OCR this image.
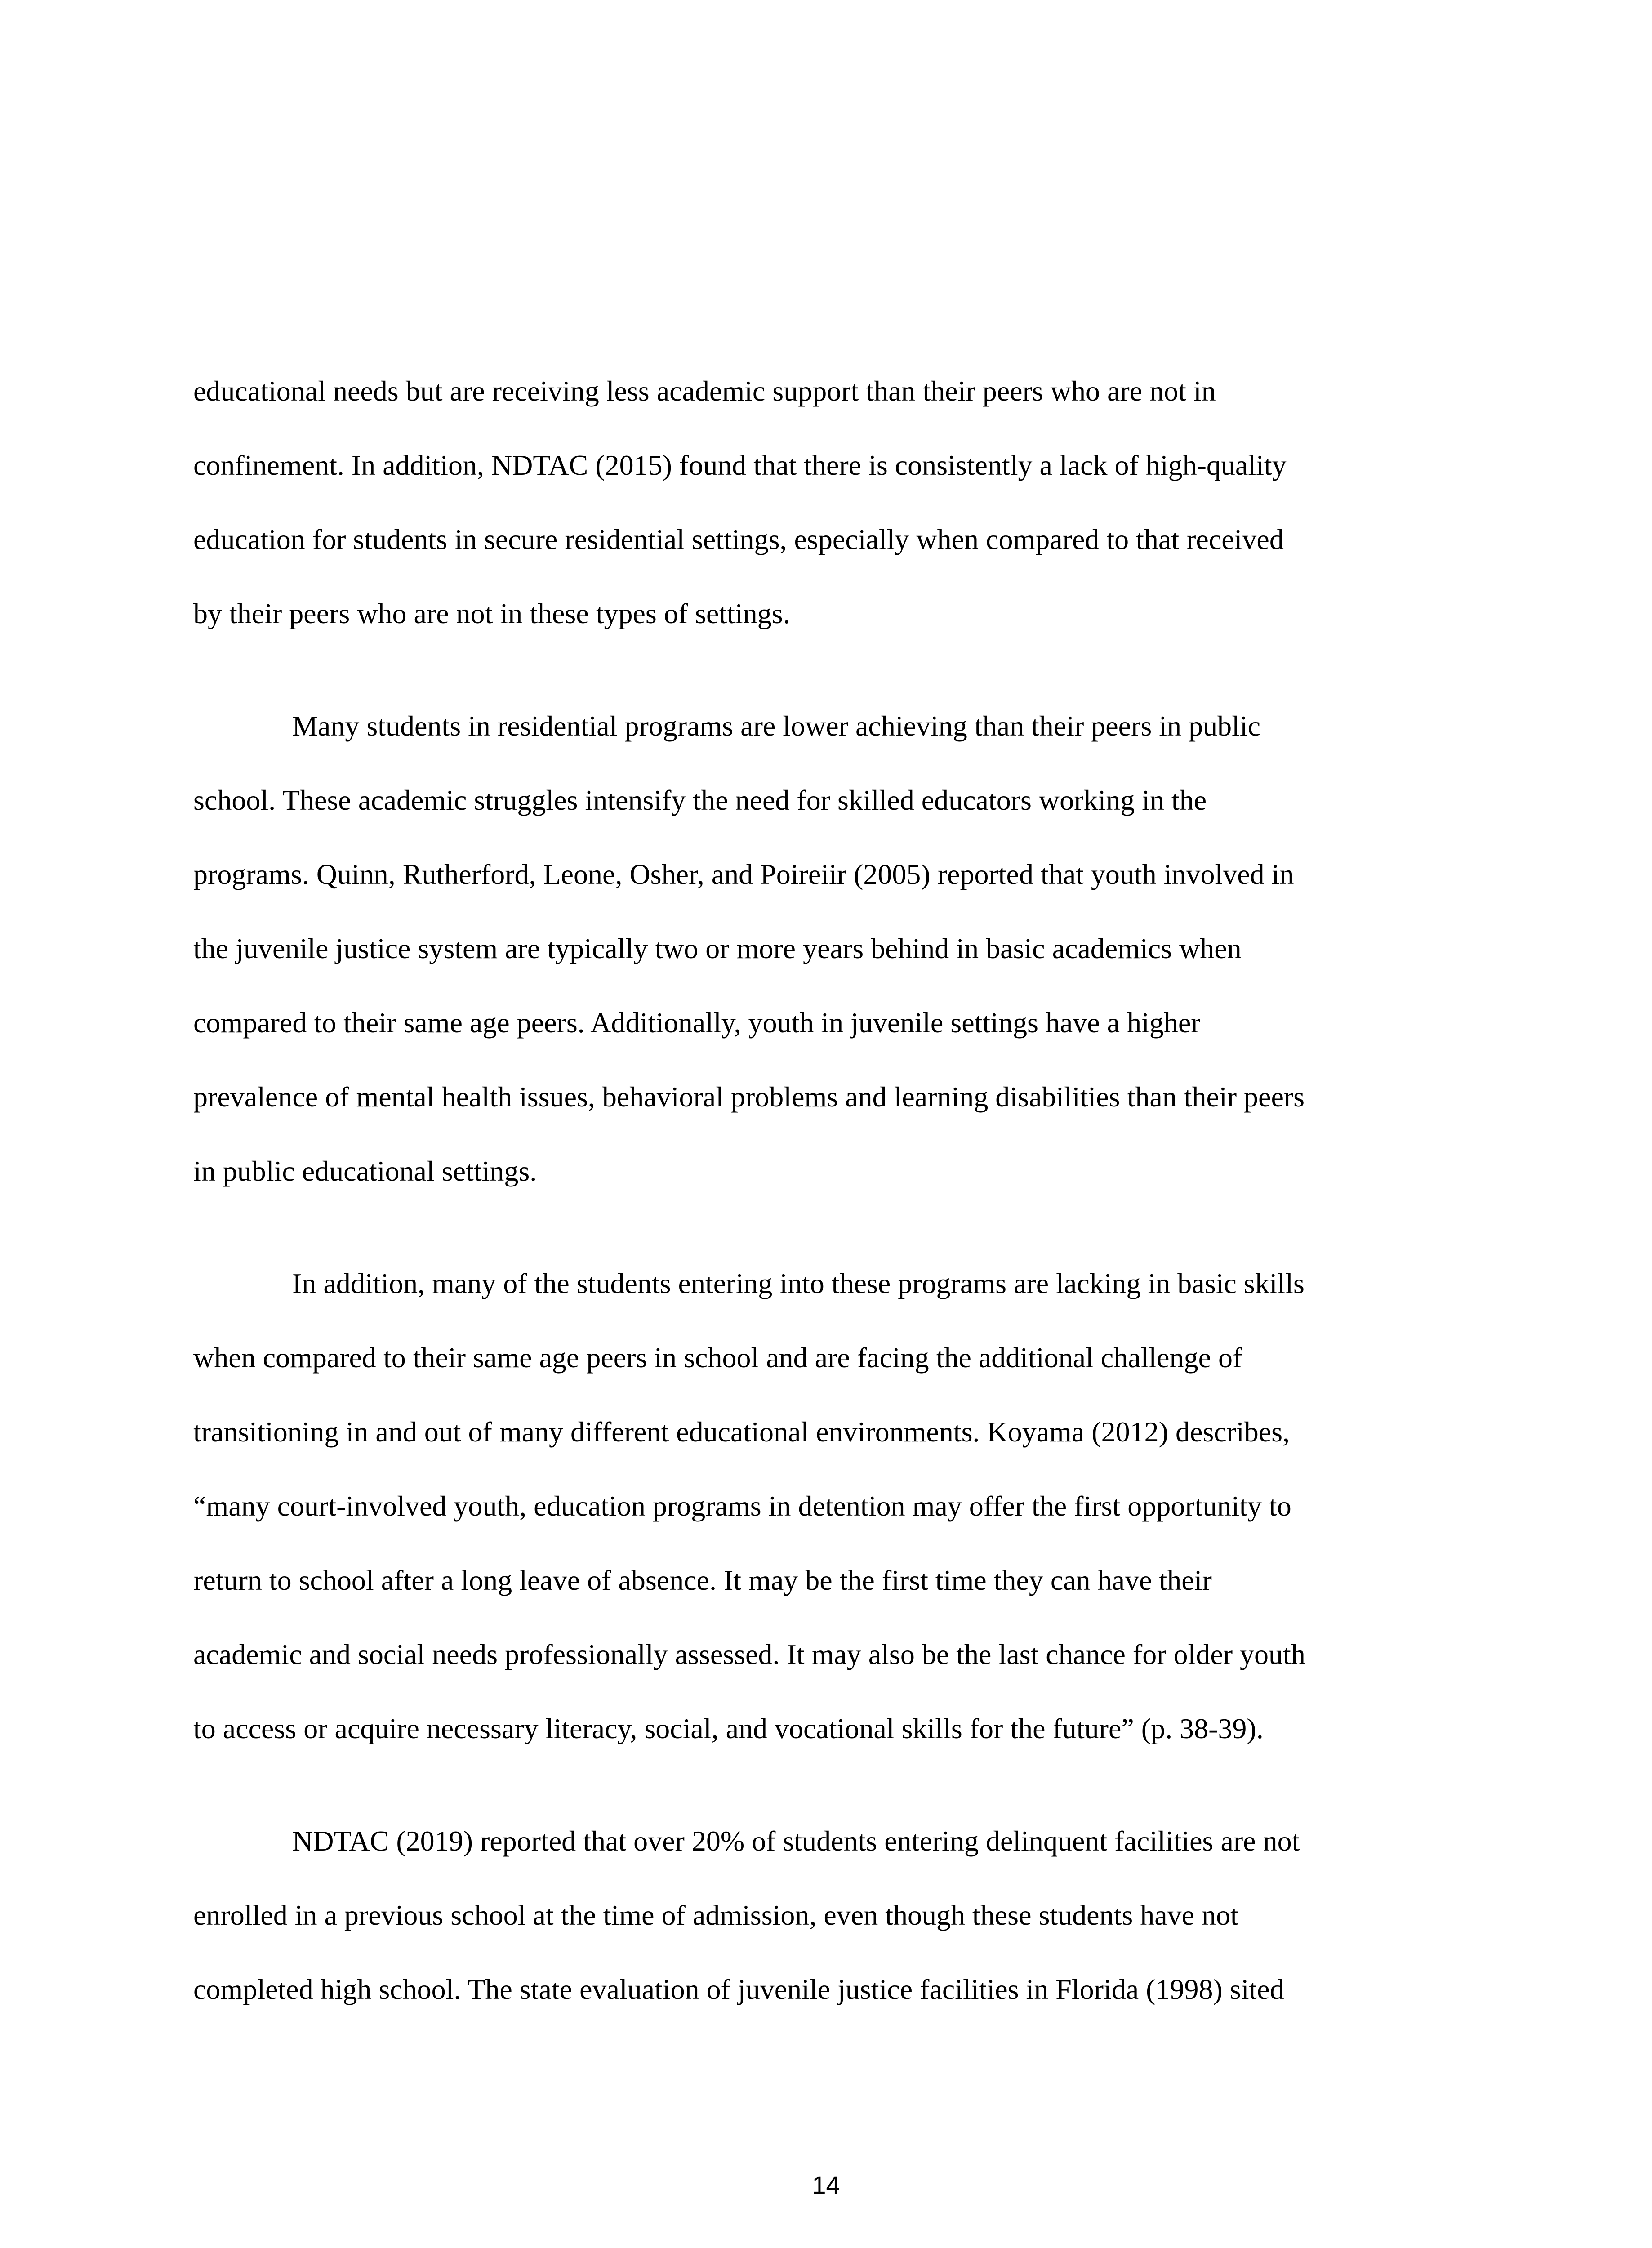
educational needs but are receiving less academic support than their peers who are not in
confinement. In addition, NDTAC (2015) found that there is consistently a lack of high-quality
education for students in secure residential settings, especially when compared to that received
by their peers who are not in these types of settings.
Many students in residential programs are lower achieving than their peers in public
school. These academic struggles intensify the need for skilled educators working in the
programs. Quinn, Rutherford, Leone, Osher, and Poireiir (2005) reported that youth involved in
the juvenile justice system are typically two or more years behind in basic academics when
compared to their same age peers. Additionally, youth in juvenile settings have a higher
prevalence of mental health issues, behavioral problems and learning disabilities than their peers
in public educational settings.
In addition, many of the students entering into these programs are lacking in basic skills
when compared to their same age peers in school and are facing the additional challenge of
transitioning in and out of many different educational environments. Koyama (2012) describes,
“many court-involved youth, education programs in detention may offer the first opportunity to
return to school after a long leave of absence. It may be the first time they can have their
academic and social needs professionally assessed. It may also be the last chance for older youth
to access or acquire necessary literacy, social, and vocational skills for the future” (p. 38-39).
NDTAC (2019) reported that over 20% of students entering delinquent facilities are not
enrolled in a previous school at the time of admission, even though these students have not
completed high school. The state evaluation of juvenile justice facilities in Florida (1998) sited
14
